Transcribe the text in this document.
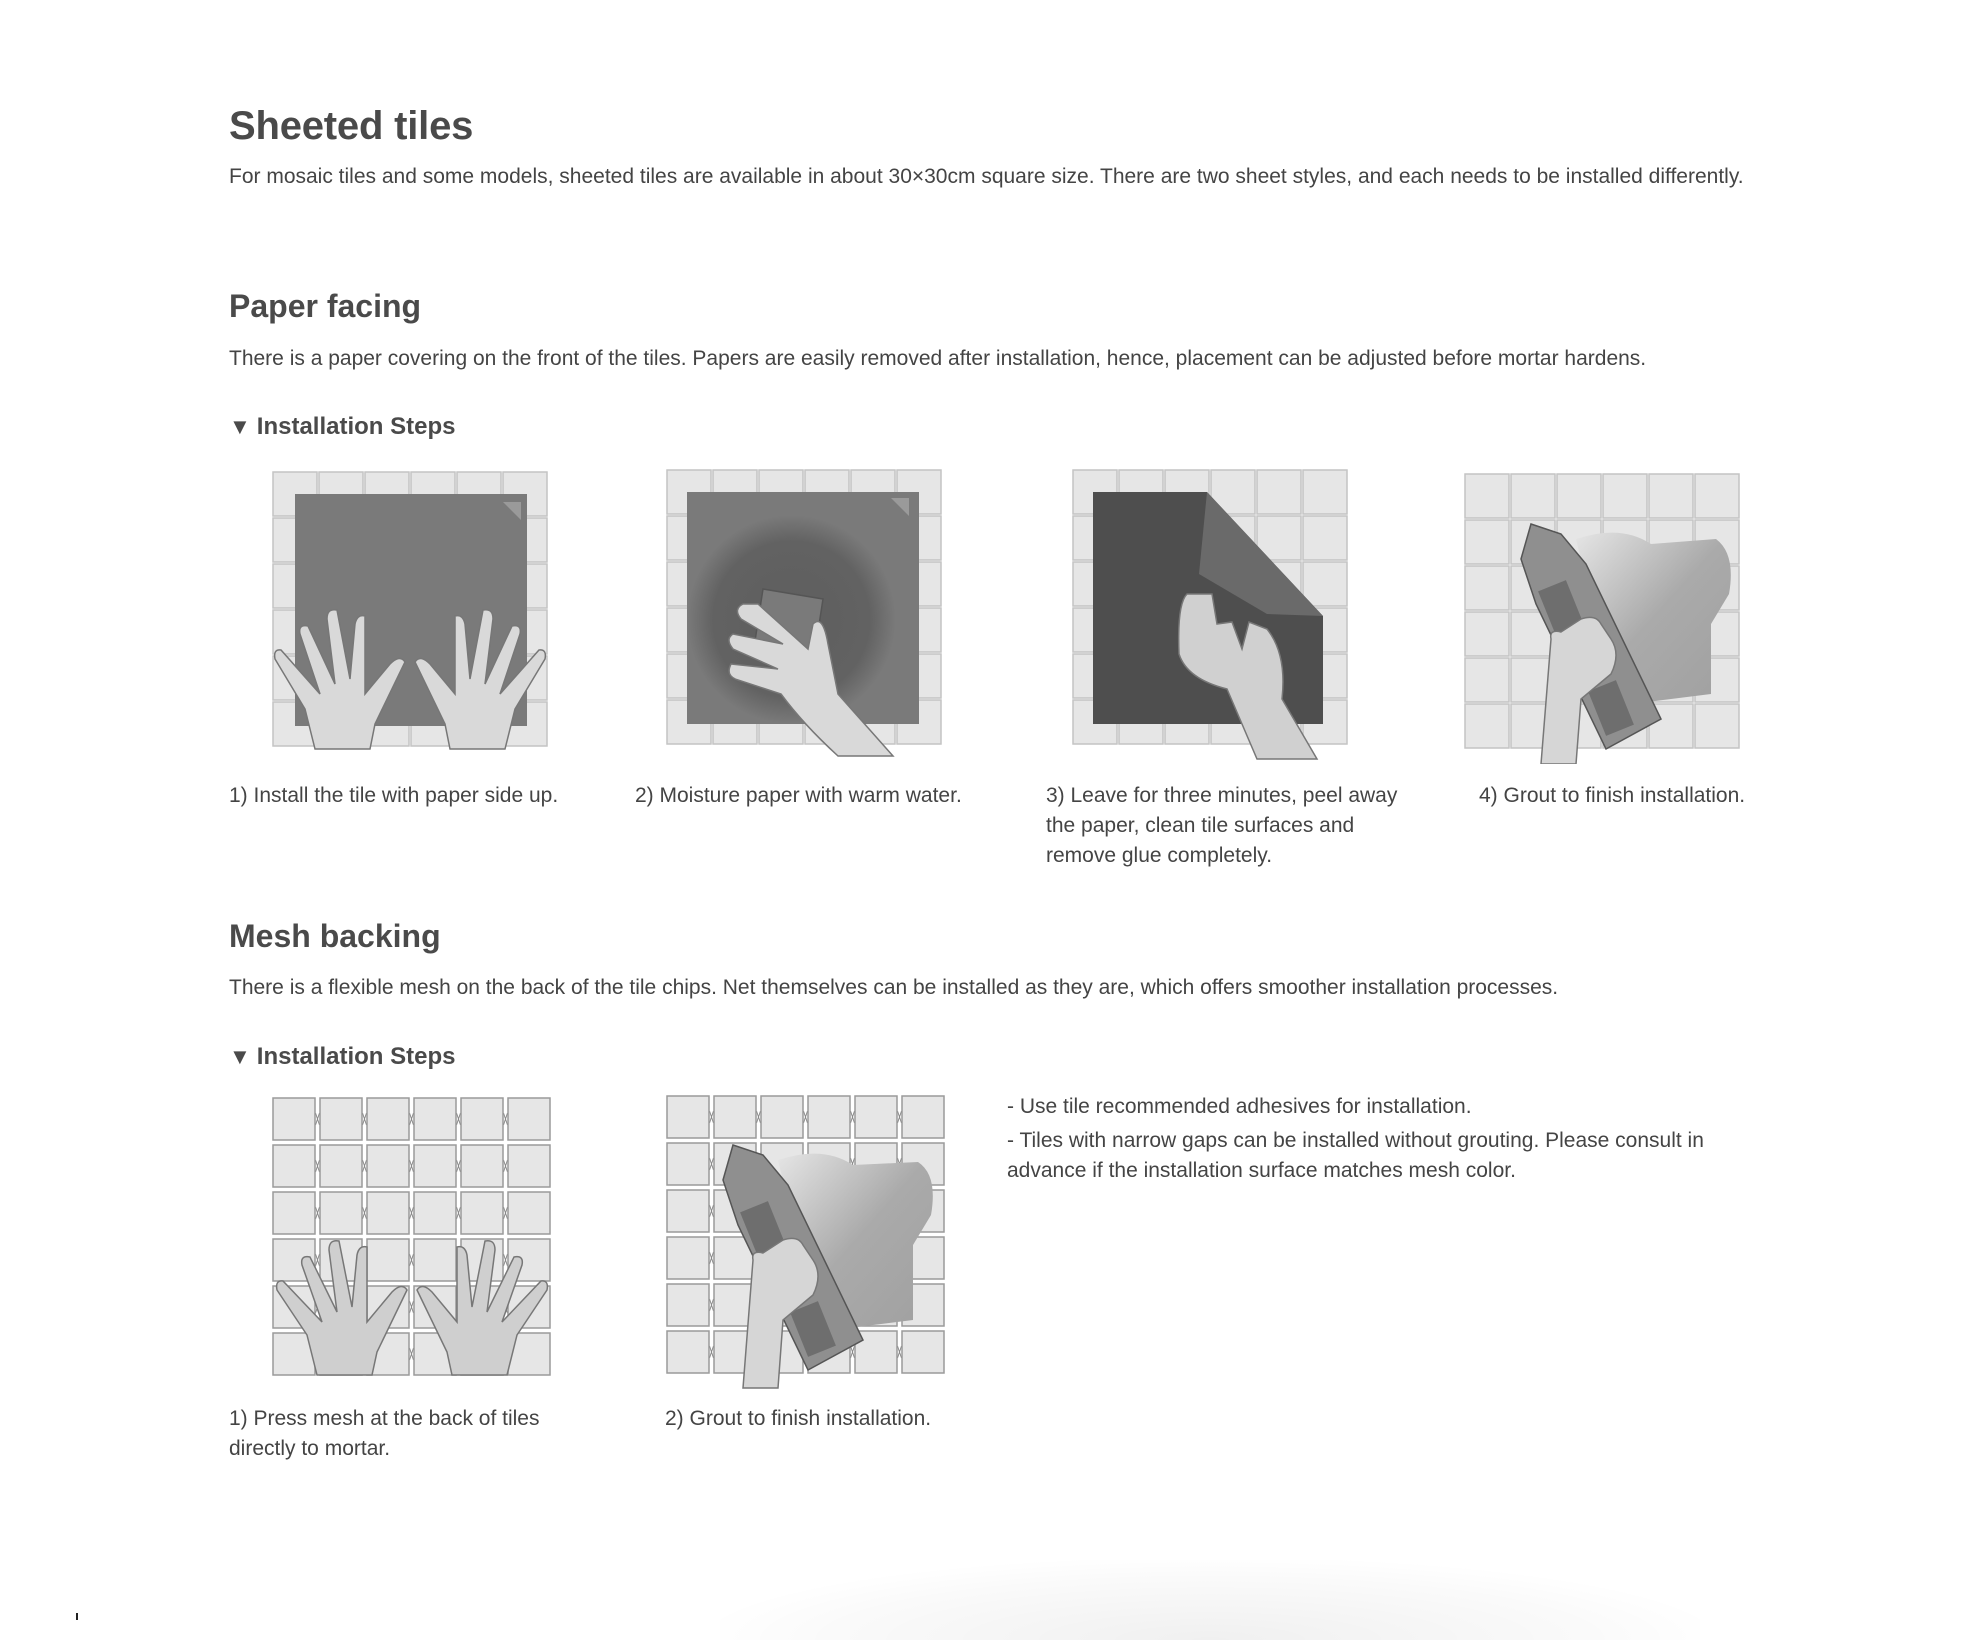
Sheeted tiles

For mosaic tiles and some models, sheeted tiles are available in about 30×30cm square size. There are two sheet styles, and each needs to be installed differently.

Paper facing

There is a paper covering on the front of the tiles. Papers are easily removed after installation, hence, placement can be adjusted before mortar hardens.

▼ Installation Steps

1) Install the tile with paper side up.	2) Moisture paper with warm water.	3) Leave for three minutes, peel away the paper, clean tile surfaces and remove glue completely.

4) Grout to finish installation.

Mesh backing

There is a flexible mesh on the back of the tile chips. Net themselves can be installed as they are, which offers smoother installation processes.

▼ Installation Steps
- Use tile recommended adhesives for installation.
- Tiles with narrow gaps can be installed without grouting. Please consult in advance if the installation surface matches mesh color.

1) Press mesh at the back of tiles directly to mortar.

2) Grout to finish installation.
